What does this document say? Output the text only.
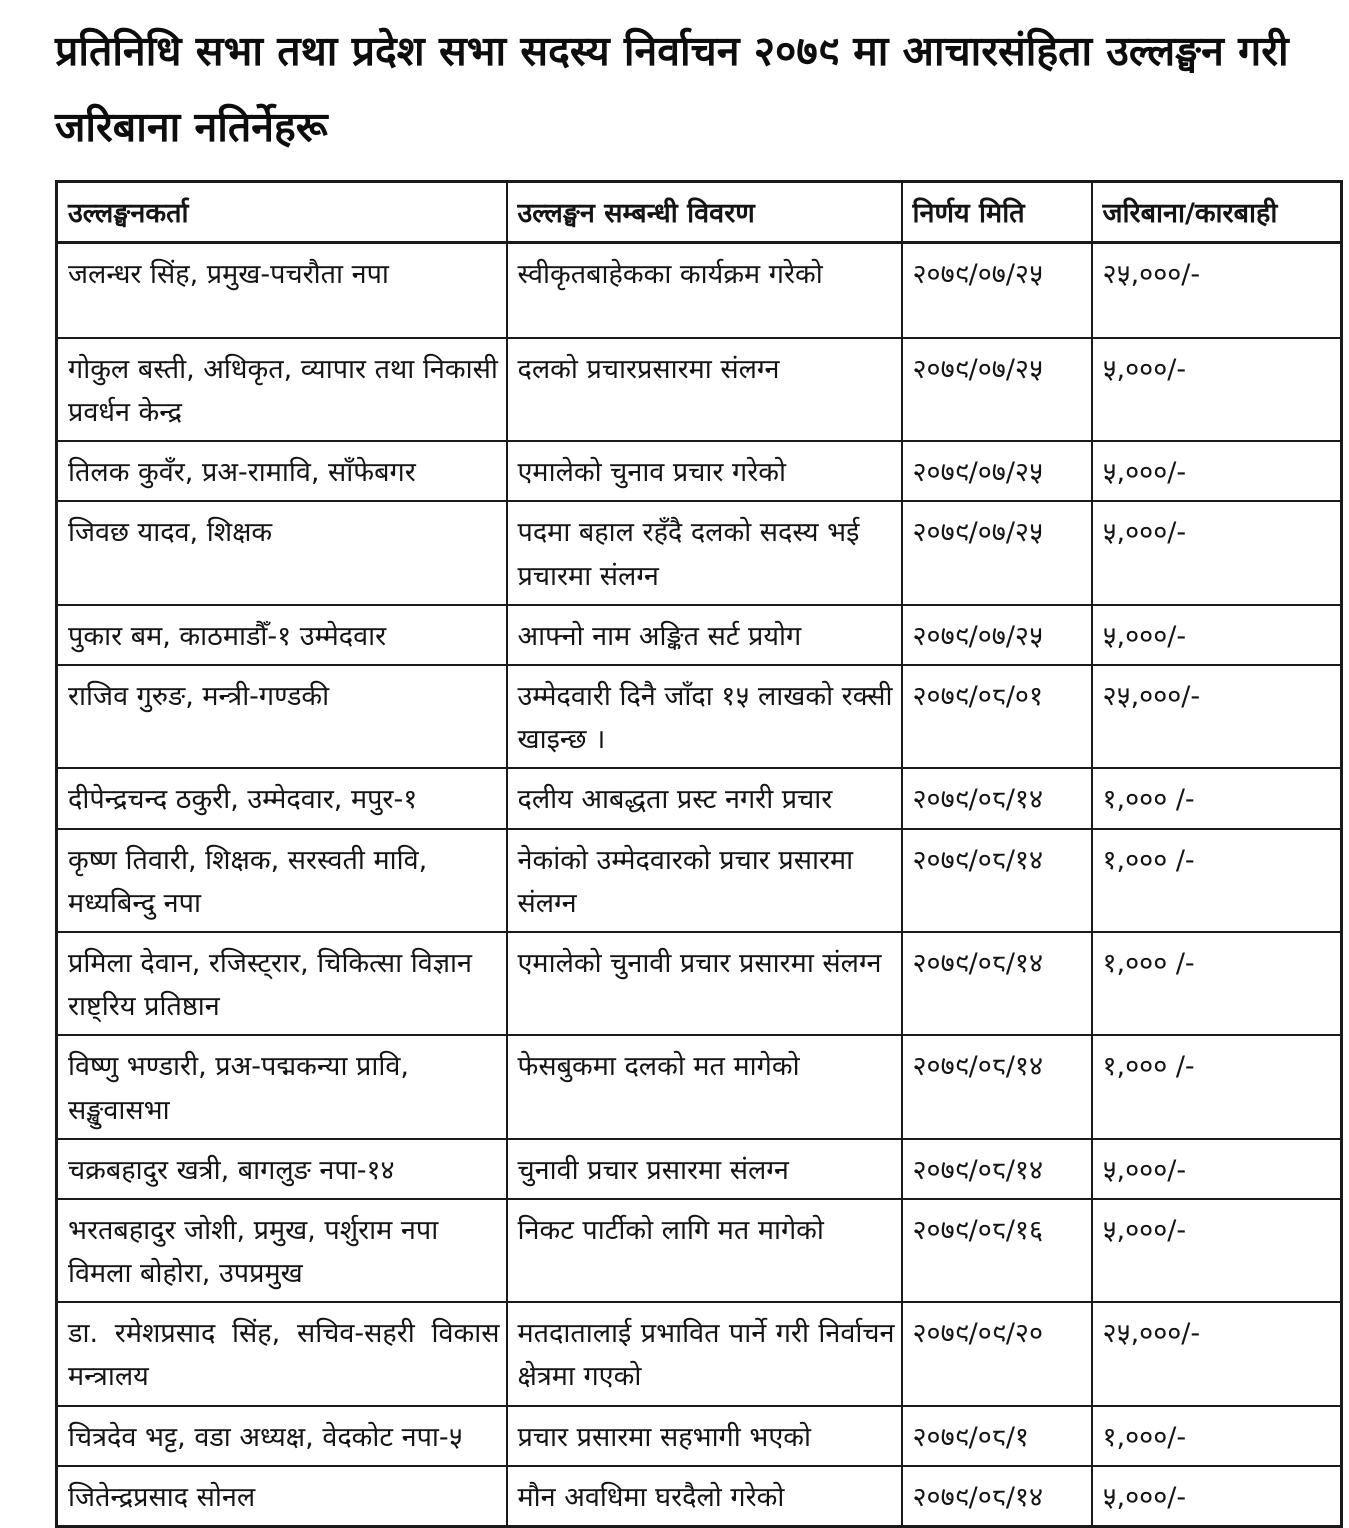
प्रतिनिधि सभा तथा प्रदेश सभा सदस्य निर्वाचन २०७९ मा आचारसंहिता उल्लङ्घन गरी जरिबाना नतिर्नेहरू
उल्लङ्घनकर्ता	उल्लङ्घन सम्बन्धी विवरण	निर्णय मिति	जरिबाना/कारबाही
जलन्धर सिंह, प्रमुख-पचरौता नपा	स्वीकृतबाहेकका कार्यक्रम गरेको	२०७९/०७/२५	२५,०००/-
गोकुल बस्ती, अधिकृत, व्यापार तथा निकासी प्रवर्धन केन्द्र	दलको प्रचारप्रसारमा संलग्न	२०७९/०७/२५	५,०००/-
तिलक कुवँर, प्रअ-रामावि, साँफेबगर	एमालेको चुनाव प्रचार गरेको	२०७९/०७/२५	५,०००/-
जिवछ यादव, शिक्षक	पदमा बहाल रहँदै दलको सदस्य भई प्रचारमा संलग्न	२०७९/०७/२५	५,०००/-
पुकार बम, काठमाडौँ-१ उम्मेदवार	आफ्नो नाम अङ्कित सर्ट प्रयोग	२०७९/०७/२५	५,०००/-
राजिव गुरुङ, मन्त्री-गण्डकी	उम्मेदवारी दिनै जाँदा १५ लाखको रक्सी खाइन्छ ।	२०७९/०८/०१	२५,०००/-
दीपेन्द्रचन्द ठकुरी, उम्मेदवार, मपुर-१	दलीय आबद्धता प्रस्ट नगरी प्रचार	२०७९/०८/१४	१,००० /-
कृष्ण तिवारी, शिक्षक, सरस्वती मावि, मध्यबिन्दु नपा	नेकांको उम्मेदवारको प्रचार प्रसारमा संलग्न	२०७९/०८/१४	१,००० /-
प्रमिला देवान, रजिस्ट्रार, चिकित्सा विज्ञान राष्ट्रिय प्रतिष्ठान	एमालेको चुनावी प्रचार प्रसारमा संलग्न	२०७९/०८/१४	१,००० /-
विष्णु भण्डारी, प्रअ-पद्मकन्या प्रावि, सङ्खुवासभा	फेसबुकमा दलको मत मागेको	२०७९/०८/१४	१,००० /-
चक्रबहादुर खत्री, बागलुङ नपा-१४	चुनावी प्रचार प्रसारमा संलग्न	२०७९/०८/१४	५,०००/-
भरतबहादुर जोशी, प्रमुख, पर्शुराम नपा विमला बोहोरा, उपप्रमुख	निकट पार्टीको लागि मत मागेको	२०७९/०८/१६	५,०००/-
डा. रमेशप्रसाद सिंह, सचिव-सहरी विकास मन्त्रालय	मतदातालाई प्रभावित पार्ने गरी निर्वाचन क्षेत्रमा गएको	२०७९/०९/२०	२५,०००/-
चित्रदेव भट्ट, वडा अध्यक्ष, वेदकोट नपा-५	प्रचार प्रसारमा सहभागी भएको	२०७९/०८/१	१,०००/-
जितेन्द्रप्रसाद सोनल	मौन अवधिमा घरदैलो गरेको	२०७९/०८/१४	५,०००/-
